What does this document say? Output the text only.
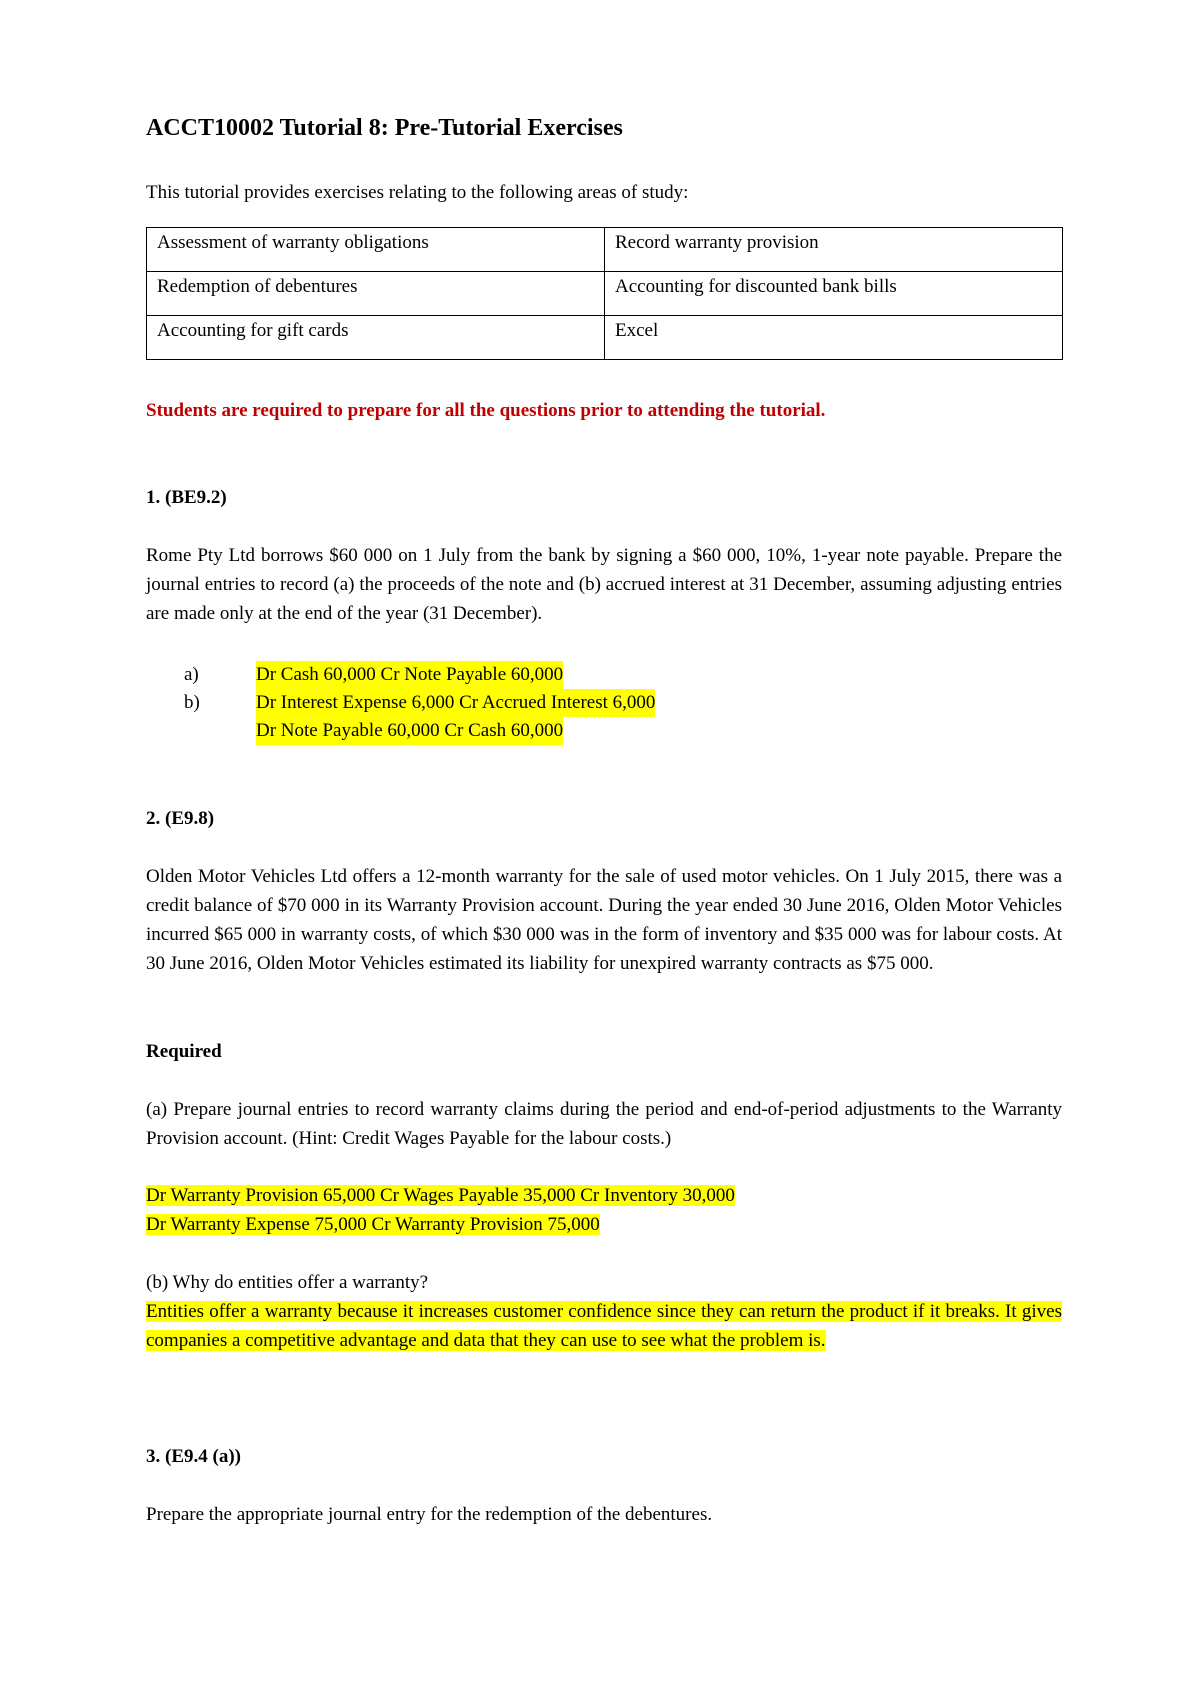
ACCT10002 Tutorial 8: Pre-Tutorial Exercises
This tutorial provides exercises relating to the following areas of study:
Assessment of warranty obligations	Record warranty provision
Redemption of debentures	Accounting for discounted bank bills
Accounting for gift cards	Excel
Students are required to prepare for all the questions prior to attending the tutorial.
1. (BE9.2)
Rome Pty Ltd borrows $60 000 on 1 July from the bank by signing a $60 000, 10%, 1-year note payable. Prepare the journal entries to record (a) the proceeds of the note and (b) accrued interest at 31 December, assuming adjusting entries are made only at the end of the year (31 December).
a)	Dr Cash 60,000 Cr Note Payable 60,000
b)	Dr Interest Expense 6,000 Cr Accrued Interest 6,000
Dr Note Payable 60,000 Cr Cash 60,000
2. (E9.8)
Olden Motor Vehicles Ltd offers a 12-month warranty for the sale of used motor vehicles. On 1 July 2015, there was a credit balance of $70 000 in its Warranty Provision account. During the year ended 30 June 2016, Olden Motor Vehicles incurred $65 000 in warranty costs, of which $30 000 was in the form of inventory and $35 000 was for labour costs. At 30 June 2016, Olden Motor Vehicles estimated its liability for unexpired warranty contracts as $75 000.
Required
(a) Prepare journal entries to record warranty claims during the period and end-of-period adjustments to the Warranty Provision account. (Hint: Credit Wages Payable for the labour costs.)
Dr Warranty Provision 65,000 Cr Wages Payable 35,000 Cr Inventory 30,000
Dr Warranty Expense 75,000 Cr Warranty Provision 75,000
(b) Why do entities offer a warranty?
Entities offer a warranty because it increases customer confidence since they can return the product if it breaks. It gives companies a competitive advantage and data that they can use to see what the problem is.
3. (E9.4 (a))
Prepare the appropriate journal entry for the redemption of the debentures.
